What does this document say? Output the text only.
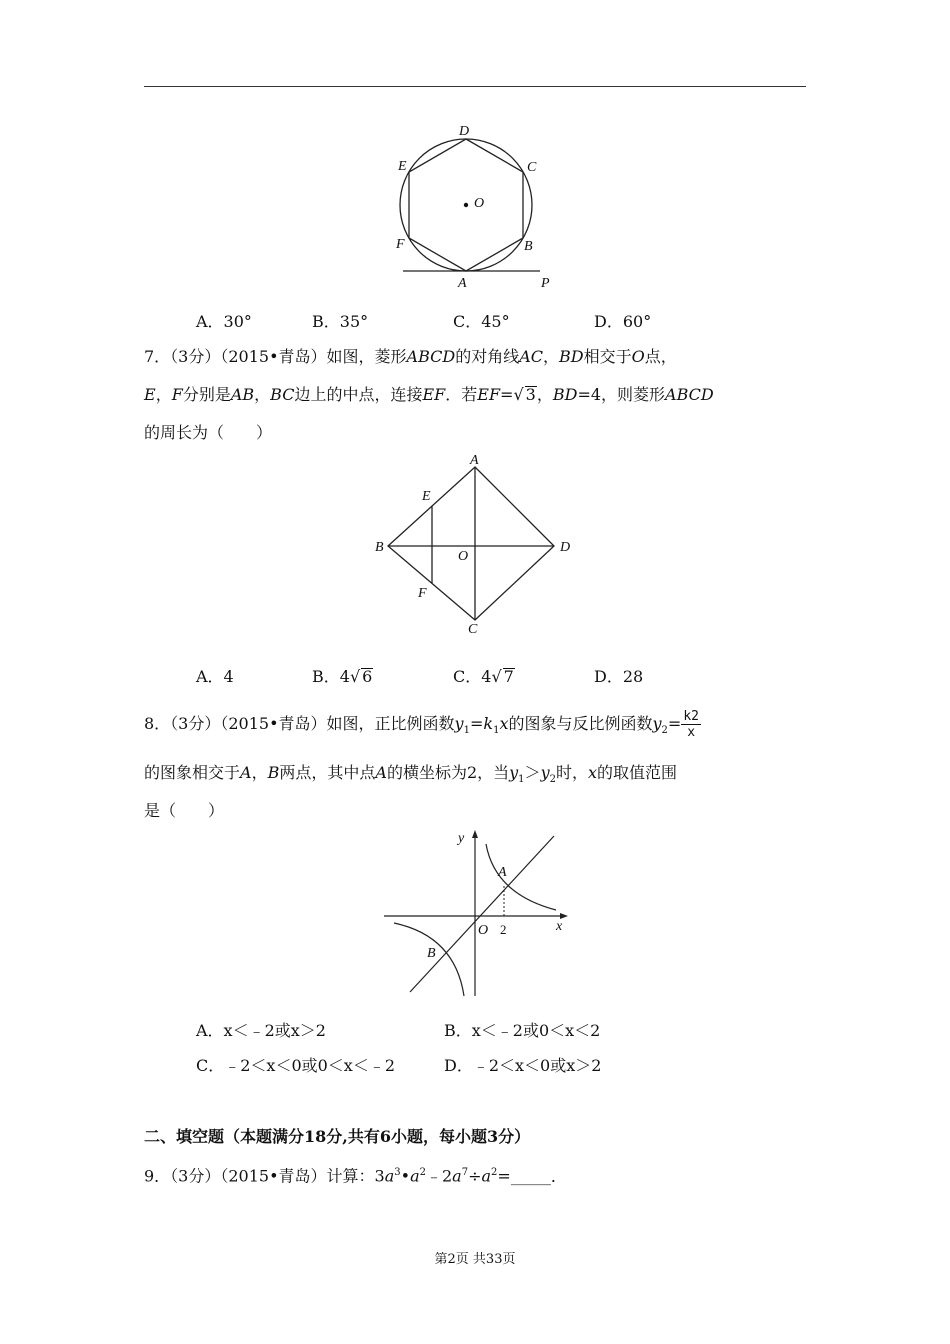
D
C
E
O
F	B
A	P
A．30°	B．35°	C．45°	D．60°
7．（3分）（2015•青岛）如图，菱形ABCD的对角线AC，BD相交于O点，
E，F分别是AB，BC边上的中点，连接EF．若EF=√ 3，BD=4，则菱形ABCD
的周长为（　　）
A
E
B
O
D
F
C
A．4	B．4√ 6	C．4√ 7	D．28
8．（3分）（2015•青岛）如图，正比例函数$y_1=k_1x$的图象与反比例函数$y_2= \frac{k2}{x}$
的图象相交于A，B两点，其中点A的横坐标为2，当$y_1>y_2$时，x的取值范围
是（　　）
y
A
O 2	x
B
A．x＜﹣2或x＞2	B．x＜﹣2或0＜x＜2
C．﹣2＜x＜0或0＜x＜﹣2	D．﹣2＜x＜0或x＞2
二、填空题（本题满分18分,共有6小题，每小题3分）
9．（3分）（2015•青岛）计算：$3a^3•a^2﹣2a^7\div a^2=\_\_\_\_\_$．
第2页 共33页
